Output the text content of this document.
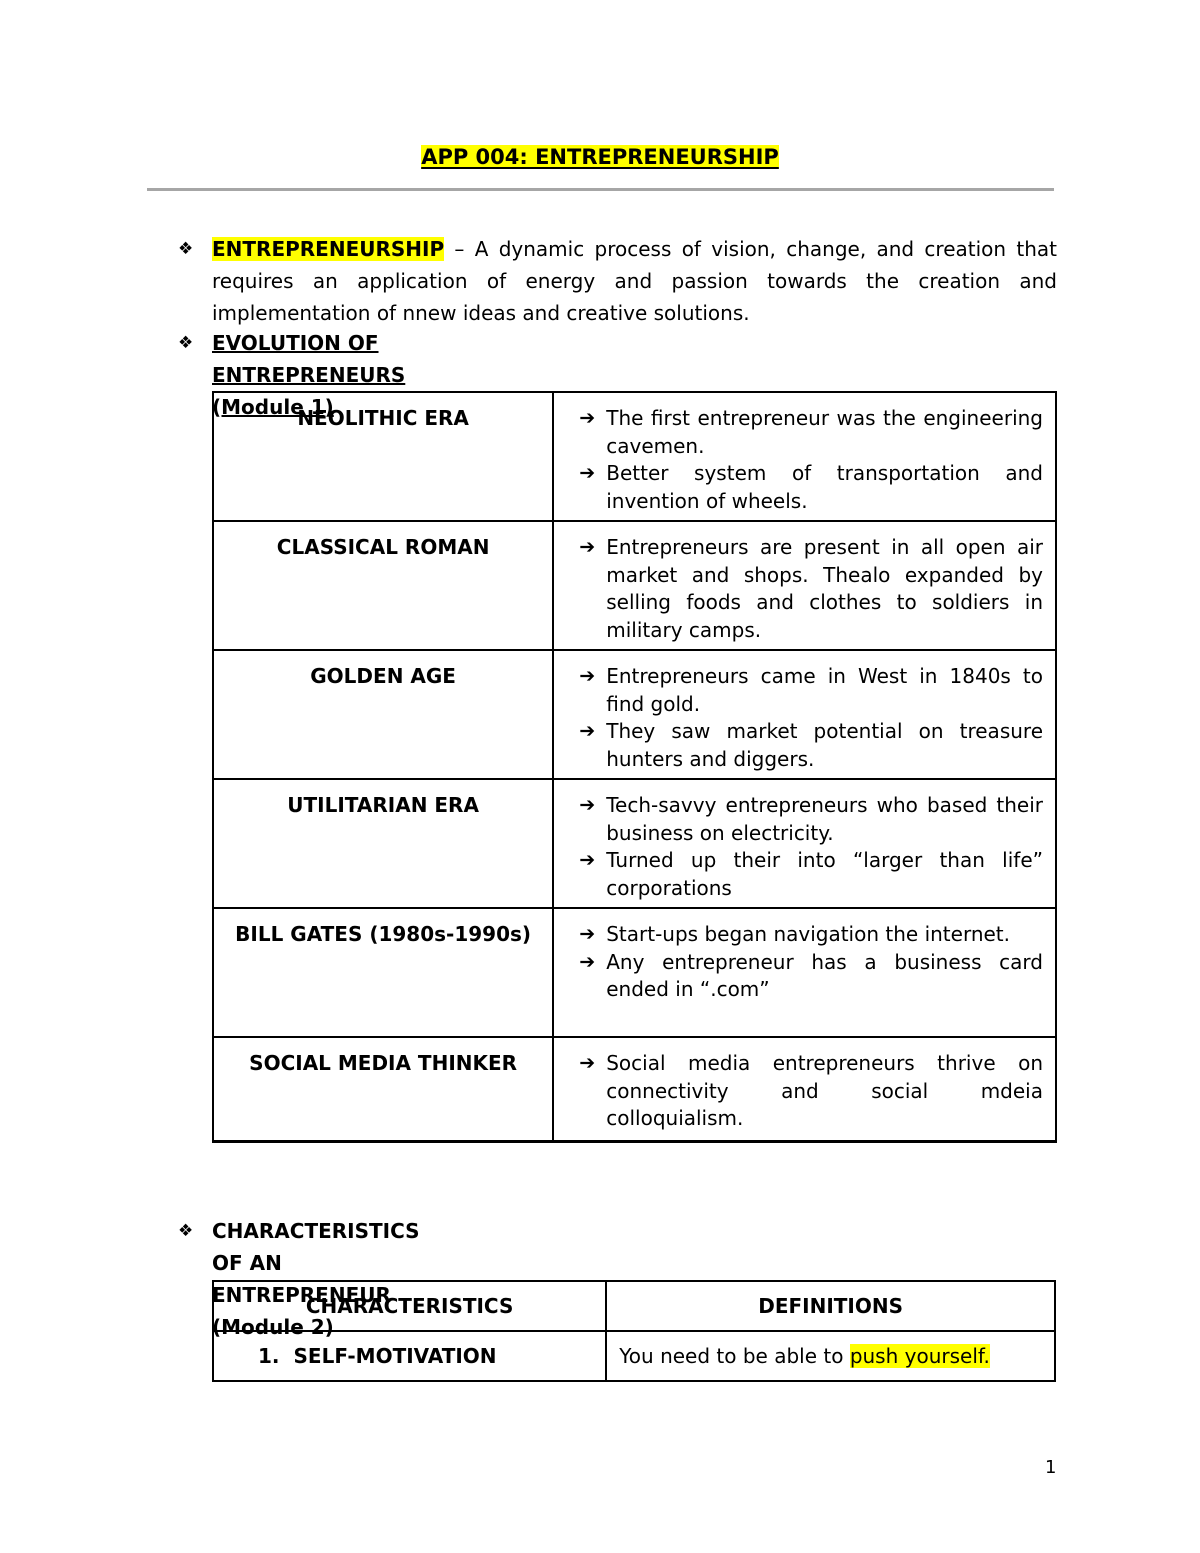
APP 004: ENTREPRENEURSHIP
❖ ENTREPRENEURSHIP – A dynamic process of vision, change, and creation that requires an application of energy and passion towards the creation and implementation of nnew ideas and creative solutions.
❖ EVOLUTION OF ENTREPRENEURS (Module 1)
NEOLITHIC ERA	➔ The first entrepreneur was the engineering cavemen.
➔ Better system of transportation and invention of wheels.

CLASSICAL ROMAN	➔ Entrepreneurs are present in all open air market and shops. Thealo expanded by selling foods and clothes to soldiers in military camps.

GOLDEN AGE	➔ Entrepreneurs came in West in 1840s to find gold.
➔ They saw market potential on treasure hunters and diggers.

UTILITARIAN ERA	➔ Tech-savvy entrepreneurs who based their business on electricity.
➔ Turned up their into “larger than life” corporations

BILL GATES (1980s-1990s)	➔ Start-ups began navigation the internet.
➔ Any entrepreneur has a business card ended in “.com”

SOCIAL MEDIA THINKER	➔ Social media entrepreneurs thrive on connectivity and social mdeia colloquialism.
❖ CHARACTERISTICS OF AN ENTREPRENEUR (Module 2)
CHARACTERISTICS	DEFINITIONS
1. SELF-MOTIVATION	You need to be able to push yourself.
1
